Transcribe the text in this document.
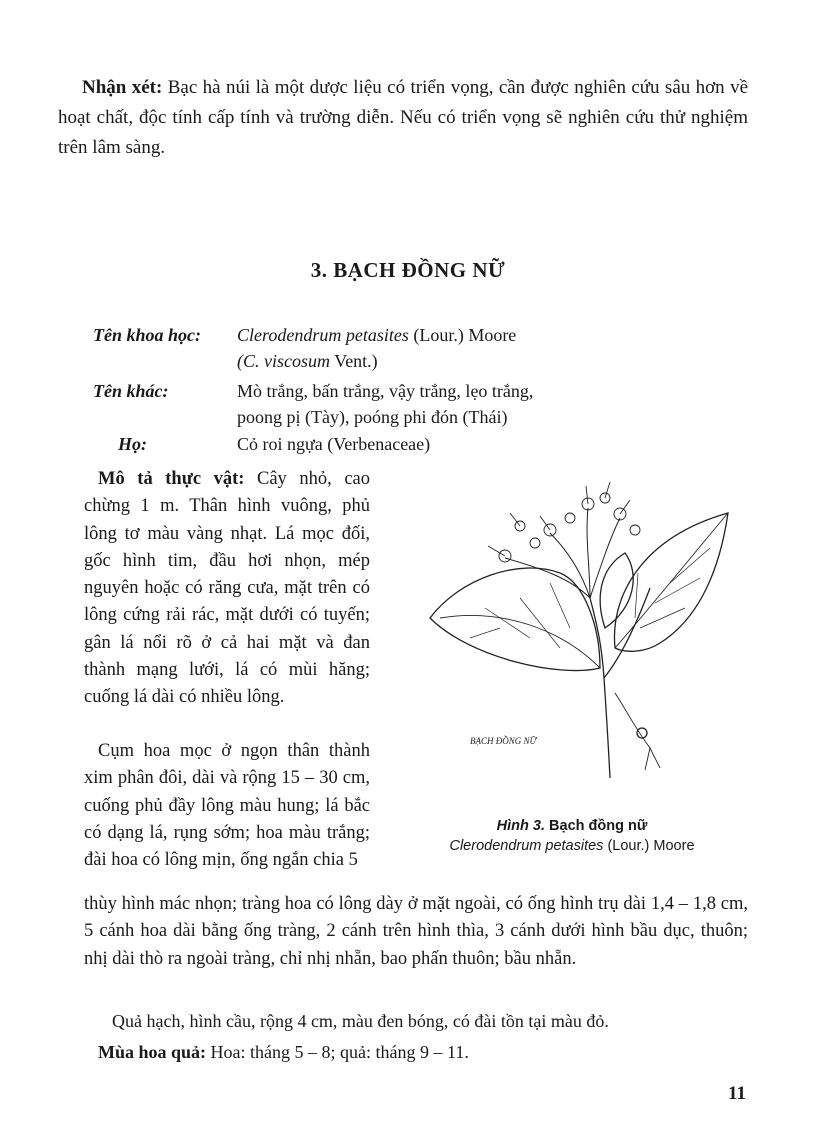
Nhận xét: Bạc hà núi là một dược liệu có triển vọng, cần được nghiên cứu sâu hơn về hoạt chất, độc tính cấp tính và trường diễn. Nếu có triển vọng sẽ nghiên cứu thử nghiệm trên lâm sàng.

3. BẠCH ĐỒNG NỮ
Tên khoa học: Clerodendrum petasites (Lour.) Moore
(C. viscosum Vent.)
Tên khác:	Mò trắng, bấn trắng, vậy trắng, lẹo trắng,
poong pị (Tày), poóng phi đón (Thái)
Họ:	Cỏ roi ngựa (Verbenaceae)

Mô tả thực vật: Cây nhỏ, cao chừng 1 m. Thân hình vuông, phủ lông tơ màu vàng nhạt. Lá mọc đối, gốc hình tim, đầu hơi nhọn, mép nguyên hoặc có răng cưa, mặt trên có lông cứng rải rác, mặt dưới có tuyến; gân lá nổi rõ ở cả hai mặt và đan thành mạng lưới, lá có mùi hăng; cuống lá dài có nhiều lông.

Cụm hoa mọc ở ngọn thân thành xim phân đôi, dài và rộng 15 – 30 cm, cuống phủ đầy lông màu hung; lá bắc có dạng lá, rụng sớm; hoa màu trắng; đài hoa có lông mịn, ống ngắn chia 5

thùy hình mác nhọn; tràng hoa có lông dày ở mặt ngoài, có ống hình trụ dài 1,4 – 1,8 cm, 5 cánh hoa dài bằng ống tràng, 2 cánh trên hình thìa, 3 cánh dưới hình bầu dục, thuôn; nhị dài thò ra ngoài tràng, chỉ nhị nhẵn, bao phấn thuôn; bầu nhẵn.

Quả hạch, hình cầu, rộng 4 cm, màu đen bóng, có đài tồn tại màu đỏ.

Mùa hoa quả: Hoa: tháng 5 – 8; quả: tháng 9 – 11.

BẠCH ĐỒNG NỮ
Hình 3. Bạch đồng nữ
Clerodendrum petasites (Lour.) Moore
11
